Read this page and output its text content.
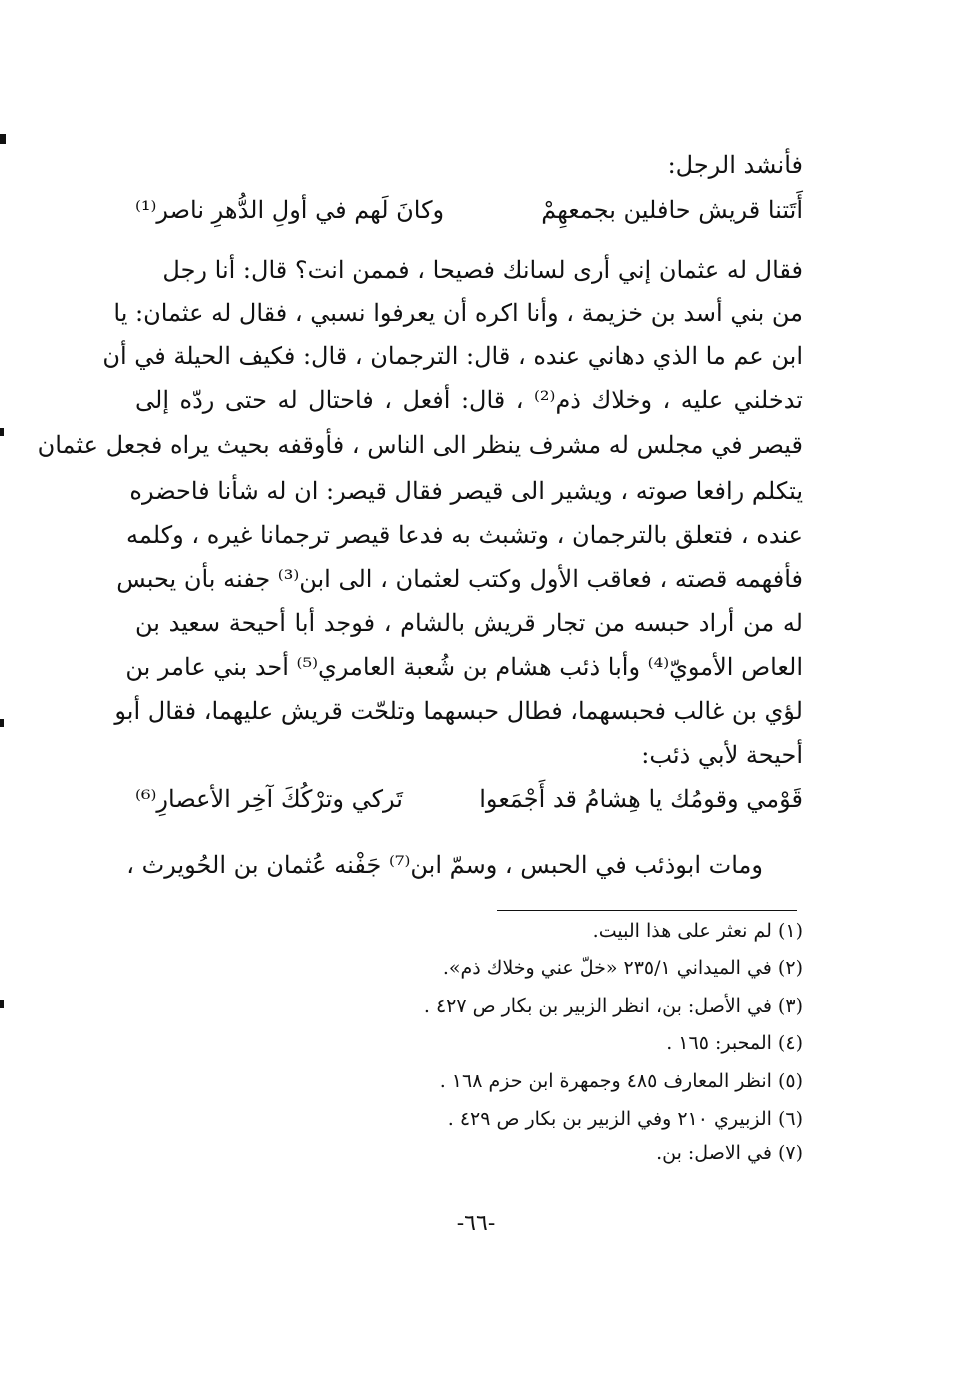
فأنشد الرجل:
أَتَتنا قريش حافلين بجمعهِمْ
وكانَ لَهم في أولِ الدُّهرِ ناصر⁽¹⁾
فقال له عثمان إني أرى لسانك فصيحا ، فممن انت؟ قال: أنا رجل
من بني أسد بن خزيمة ، وأنا اكره أن يعرفوا نسبي ، فقال له عثمان: يا
ابن عم ما الذي دهاني عنده ، قال: الترجمان ، قال: فكيف الحيلة في أن
تدخلني عليه ، وخلاك ذم⁽²⁾ ، قال: أفعل ، فاحتال له حتى ردّه إلى
قيصر في مجلس له مشرف ينظر الى الناس ، فأوقفه بحيث يراه فجعل عثمان
يتكلم رافعا صوته ، ويشير الى قيصر فقال قيصر: ان له شأنا فاحضره
عنده ، فتعلق بالترجمان ، وتشبث به فدعا قيصر ترجمانا غيره ، وكلمه
فأفهمه قصته ، فعاقب الأول وكتب لعثمان ، الى ابن⁽³⁾ جفنه بأن يحبس
له من أراد حبسه من تجار قريش بالشام ، فوجد أبا أحيحة سعيد بن
العاص الأمويّ⁽⁴⁾ وأبا ذئب هشام بن شُعبة العامري⁽⁵⁾ أحد بني عامر بن
لؤي بن غالب فحبسهما، فطال حبسهما وتلحّت قريش عليهما، فقال أبو
أحيحة لأبي ذئب:
قَوْمي وقومُك يا هِشامُ قد أَجْمَعوا
تَركي وترْكُكَ آخِر الأعصارِ⁽⁶⁾
ومات ابوذئب في الحبس ، وسمّ ابن⁽⁷⁾ جَفْنه عُثمان بن الحُويرث ،
(١) لم نعثر على هذا البيت.
(٢) في الميداني ٢٣٥/١ «خلّ عني وخلاك ذم».
(٣) في الأصل: بن، انظر الزبير بن بكار ص ٤٢٧ .
(٤) المحبر: ١٦٥ .
(٥) انظر المعارف ٤٨٥ وجمهرة ابن حزم ١٦٨ .
(٦) الزبيري ٢١٠ وفي الزبير بن بكار ص ٤٢٩ .
(٧) في الاصل: بن.
-٦٦-
